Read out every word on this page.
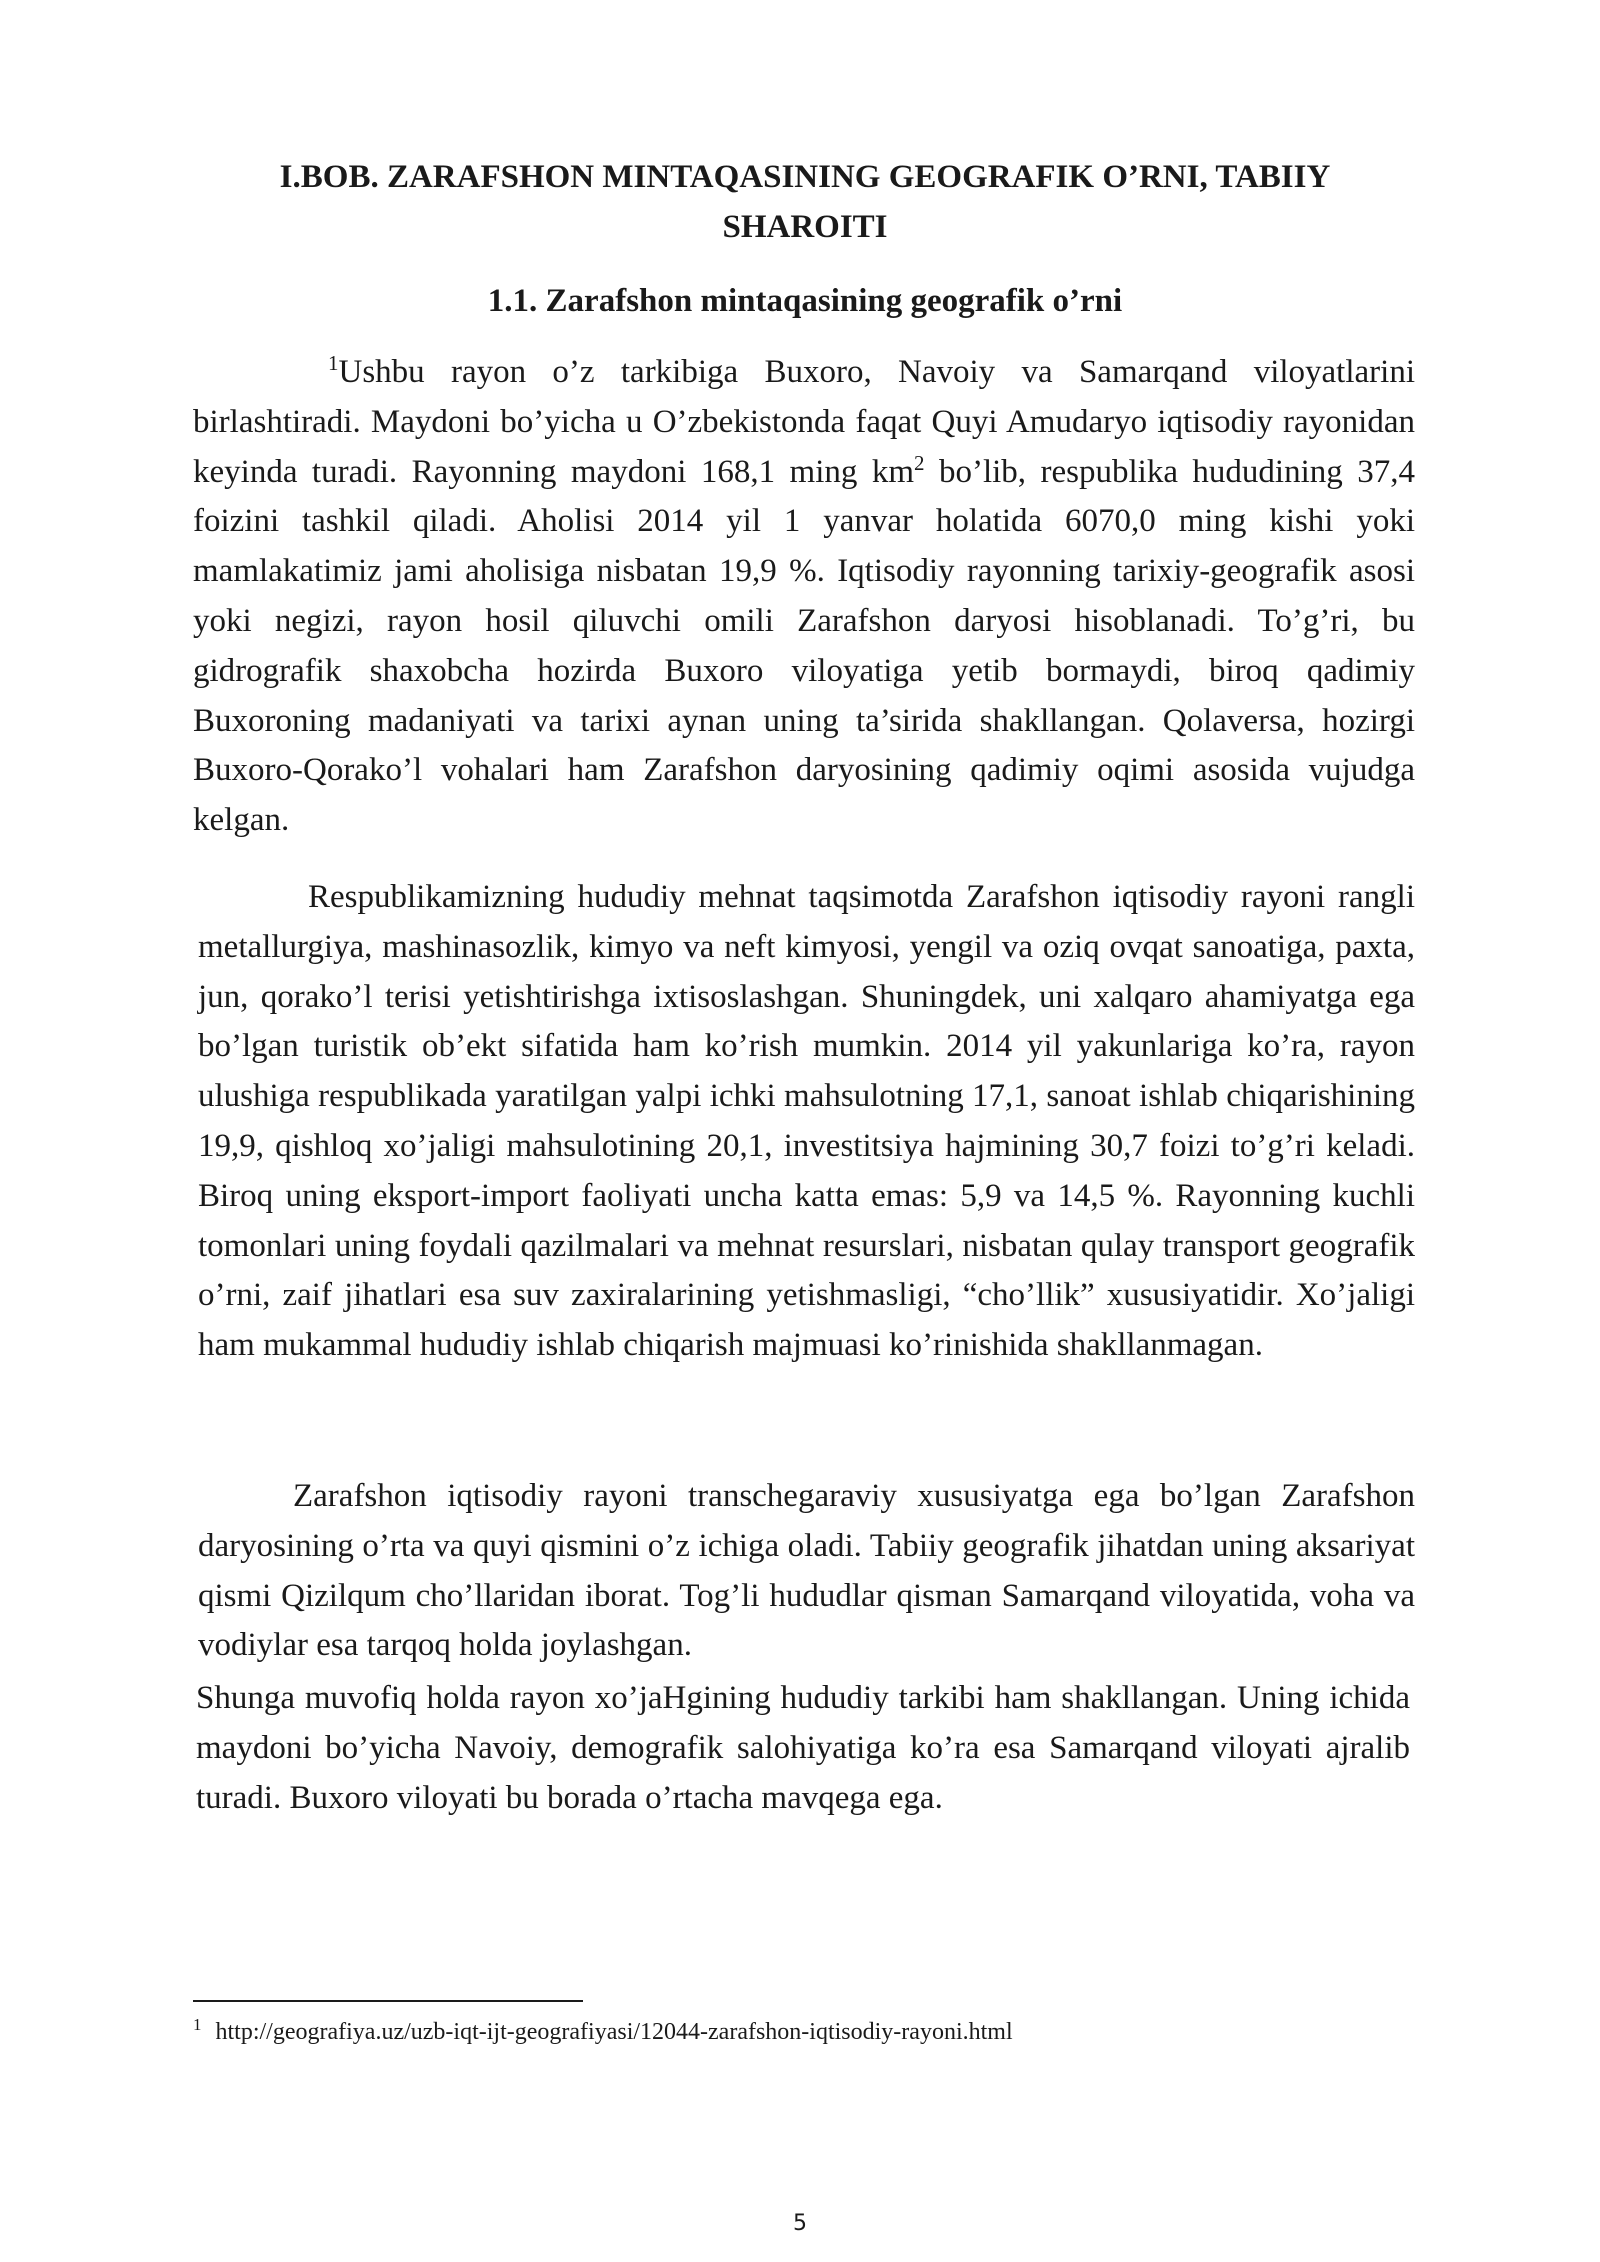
I.BOB. ZARAFSHON MINTAQASINING GEOGRAFIK O’RNI, TABIIY SHAROITI
1.1. Zarafshon mintaqasining geografik o’rni

$^1$Ushbu rayon o’z tarkibiga Buxoro, Navoiy va Samarqand viloyatlarini birlashtiradi. Maydoni bo’yicha u O’zbekistonda faqat Quyi Amudaryo iqtisodiy rayonidan keyinda turadi. Rayonning maydoni 168,1 ming $km^2$ bo’lib, respublika hududining 37,4 foizini tashkil qiladi. Aholisi 2014 yil 1 yanvar holatida 6070,0 ming kishi yoki mamlakatimiz jami aholisiga nisbatan 19,9 %. Iqtisodiy rayonning tarixiy-geografik asosi yoki negizi, rayon hosil qiluvchi omili Zarafshon daryosi hisoblanadi. To’g’ri, bu gidrografik shaxobcha hozirda Buxoro viloyatiga yetib bormaydi, biroq qadimiy Buxoroning madaniyati va tarixi aynan uning ta’sirida shakllangan. Qolaversa, hozirgi Buxoro-Qorako’l vohalari ham Zarafshon daryosining qadimiy oqimi asosida vujudga kelgan.

Respublikamizning hududiy mehnat taqsimotda Zarafshon iqtisodiy rayoni rangli metallurgiya, mashinasozlik, kimyo va neft kimyosi, yengil va oziq ovqat sanoatiga, paxta, jun, qorako’l terisi yetishtirishga ixtisoslashgan. Shuningdek, uni xalqaro ahamiyatga ega bo’lgan turistik ob’ekt sifatida ham ko’rish mumkin. 2014 yil yakunlariga ko’ra, rayon ulushiga respublikada yaratilgan yalpi ichki mahsulotning 17,1, sanoat ishlab chiqarishining 19,9, qishloq xo’jaligi mahsulotining 20,1, investitsiya hajmining 30,7 foizi to’g’ri keladi. Biroq uning eksport-import faoliyati uncha katta emas: 5,9 va 14,5 %. Rayonning kuchli tomonlari uning foydali qazilmalari va mehnat resurslari, nisbatan qulay transport geografik o’rni, zaif jihatlari esa suv zaxiralarining yetishmasligi, “cho’llik” xususiyatidir. Xo’jaligi ham mukammal hududiy ishlab chiqarish majmuasi ko’rinishida shakllanmagan.

Zarafshon iqtisodiy rayoni transchegaraviy xususiyatga ega bo’lgan Zarafshon daryosining o’rta va quyi qismini o’z ichiga oladi. Tabiiy geografik jihatdan uning aksariyat qismi Qizilqum cho’llaridan iborat. Tog’li hududlar qisman Samarqand viloyatida, voha va vodiylar esa tarqoq holda joylashgan.

Shunga muvofiq holda rayon xo’jaHgining hududiy tarkibi ham shakllangan. Uning ichida maydoni bo’yicha Navoiy, demografik salohiyatiga ko’ra esa Samarqand viloyati ajralib turadi. Buxoro viloyati bu borada o’rtacha mavqega ega.

$^1$ http://geografiya.uz/uzb-iqt-ijt-geografiyasi/12044-zarafshon-iqtisodiy-rayoni.html

5
